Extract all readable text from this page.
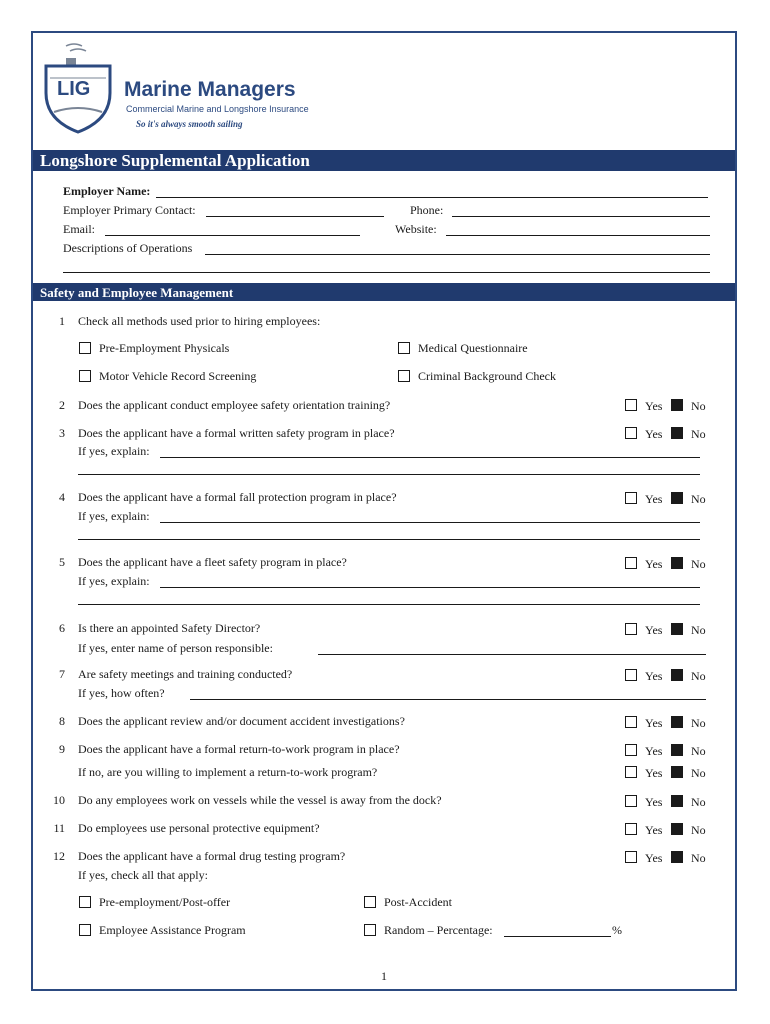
LIG Marine Managers
Commercial Marine and Longshore Insurance
So it's always smooth sailing
Longshore Supplemental Application
Employer Name:
Employer Primary Contact:	Phone:
Email:	Website:
Descriptions of Operations
Safety and Employee Management
1 Check all methods used prior to hiring employees:
Pre-Employment Physicals	Medical Questionnaire
Motor Vehicle Record Screening	Criminal Background Check
2 Does the applicant conduct employee safety orientation training?	Yes No
3 Does the applicant have a formal written safety program in place?	Yes No
If yes, explain:
4 Does the applicant have a formal fall protection program in place?	Yes No
If yes, explain:
5 Does the applicant have a fleet safety program in place?	Yes No
If yes, explain:
6 Is there an appointed Safety Director?	Yes No
If yes, enter name of person responsible:
7 Are safety meetings and training conducted?	Yes No
If yes, how often?
8 Does the applicant review and/or document accident investigations?	Yes No
9 Does the applicant have a formal return-to-work program in place?	Yes No
If no, are you willing to implement a return-to-work program?	Yes No
10 Do any employees work on vessels while the vessel is away from the dock?	Yes No
11 Do employees use personal protective equipment?	Yes No
12 Does the applicant have a formal drug testing program?	Yes No
If yes, check all that apply:
Pre-employment/Post-offer	Post-Accident
Employee Assistance Program	Random – Percentage:	%
1
